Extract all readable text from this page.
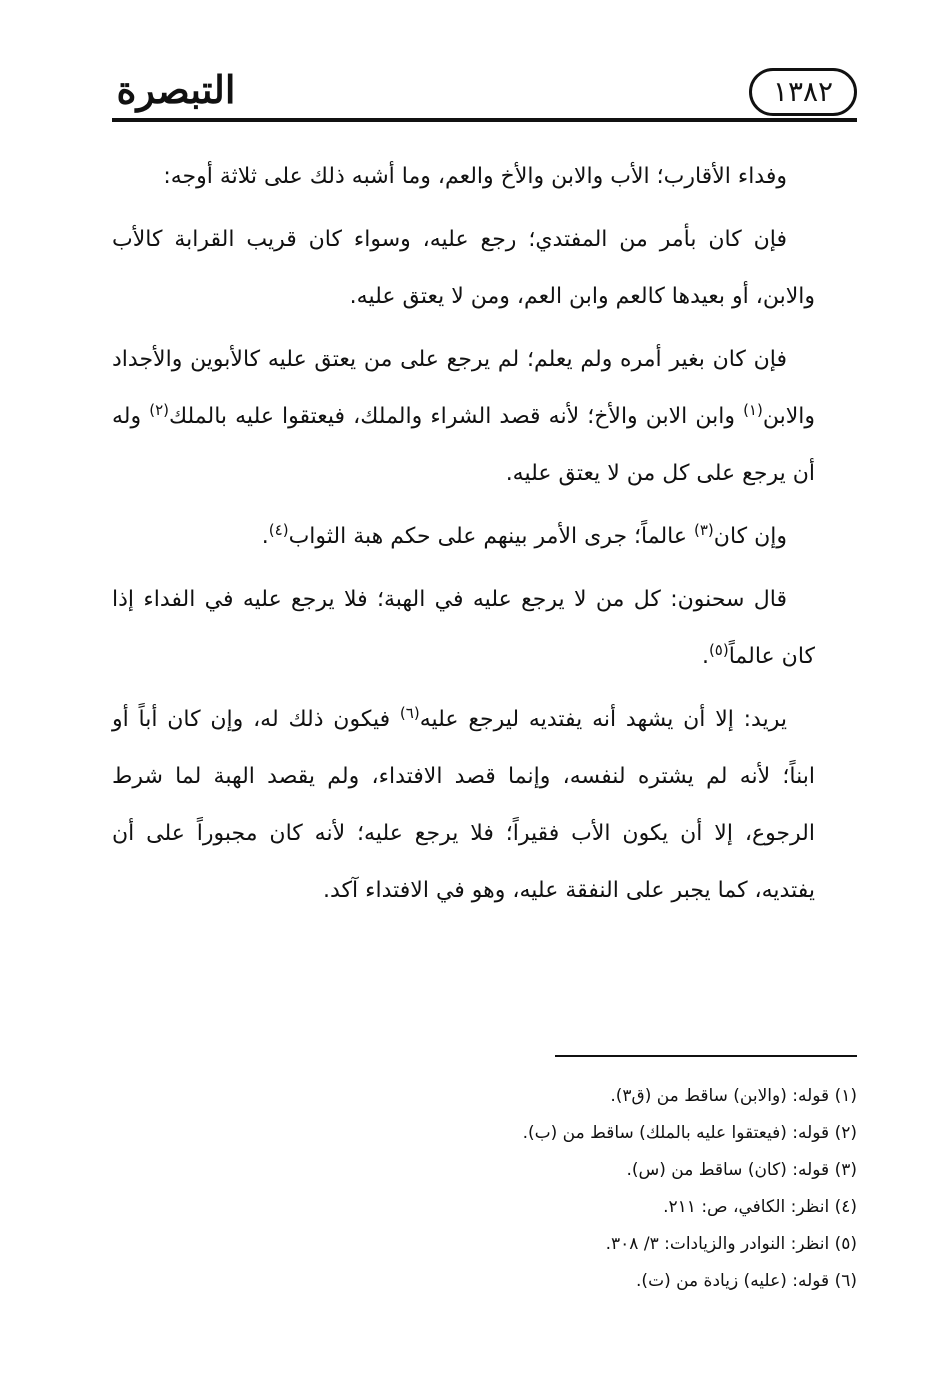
التبصرة	١٣٨٢

وفداء الأقارب؛ الأب والابن والأخ والعم، وما أشبه ذلك على ثلاثة أوجه:

فإن كان بأمر من المفتدي؛ رجع عليه، وسواء كان قريب القرابة كالأب والابن، أو بعيدها كالعم وابن العم، ومن لا يعتق عليه.

فإن كان بغير أمره ولم يعلم؛ لم يرجع على من يعتق عليه كالأبوين والأجداد والابن$^{(١)}$ وابن الابن والأخ؛ لأنه قصد الشراء والملك، فيعتقوا عليه بالملك$^{(٢)}$ وله أن يرجع على كل من لا يعتق عليه.

وإن كان$^{(٣)}$ عالماً؛ جرى الأمر بينهم على حكم هبة الثواب$^{(٤)}$.

قال سحنون: كل من لا يرجع عليه في الهبة؛ فلا يرجع عليه في الفداء إذا كان عالماً$^{(٥)}$.

يريد: إلا أن يشهد أنه يفتديه ليرجع عليه$^{(٦)}$ فيكون ذلك له، وإن كان أباً أو ابناً؛ لأنه لم يشتره لنفسه، وإنما قصد الافتداء، ولم يقصد الهبة لما شرط الرجوع، إلا أن يكون الأب فقيراً؛ فلا يرجع عليه؛ لأنه كان مجبوراً على أن يفتديه، كما يجبر على النفقة عليه، وهو في الافتداء آكد.

(١) قوله: (والابن) ساقط من (ق٣).
(٢) قوله: (فيعتقوا عليه بالملك) ساقط من (ب).
(٣) قوله: (كان) ساقط من (س).
(٤) انظر: الكافي، ص: ٢١١.
(٥) انظر: النوادر والزيادات: ٣/ ٣٠٨.
(٦) قوله: (عليه) زيادة من (ت).
